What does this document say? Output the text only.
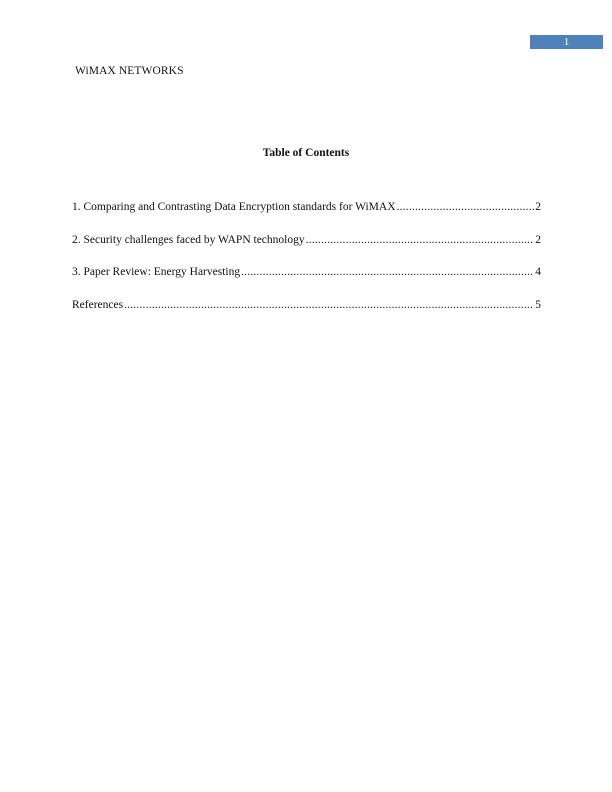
1
WiMAX NETWORKS
Table of Contents
1. Comparing and Contrasting Data Encryption standards for WiMAX .....	2
2. Security challenges faced by WAPN technology .....	2
3. Paper Review: Energy Harvesting .....	4
References .....	5
